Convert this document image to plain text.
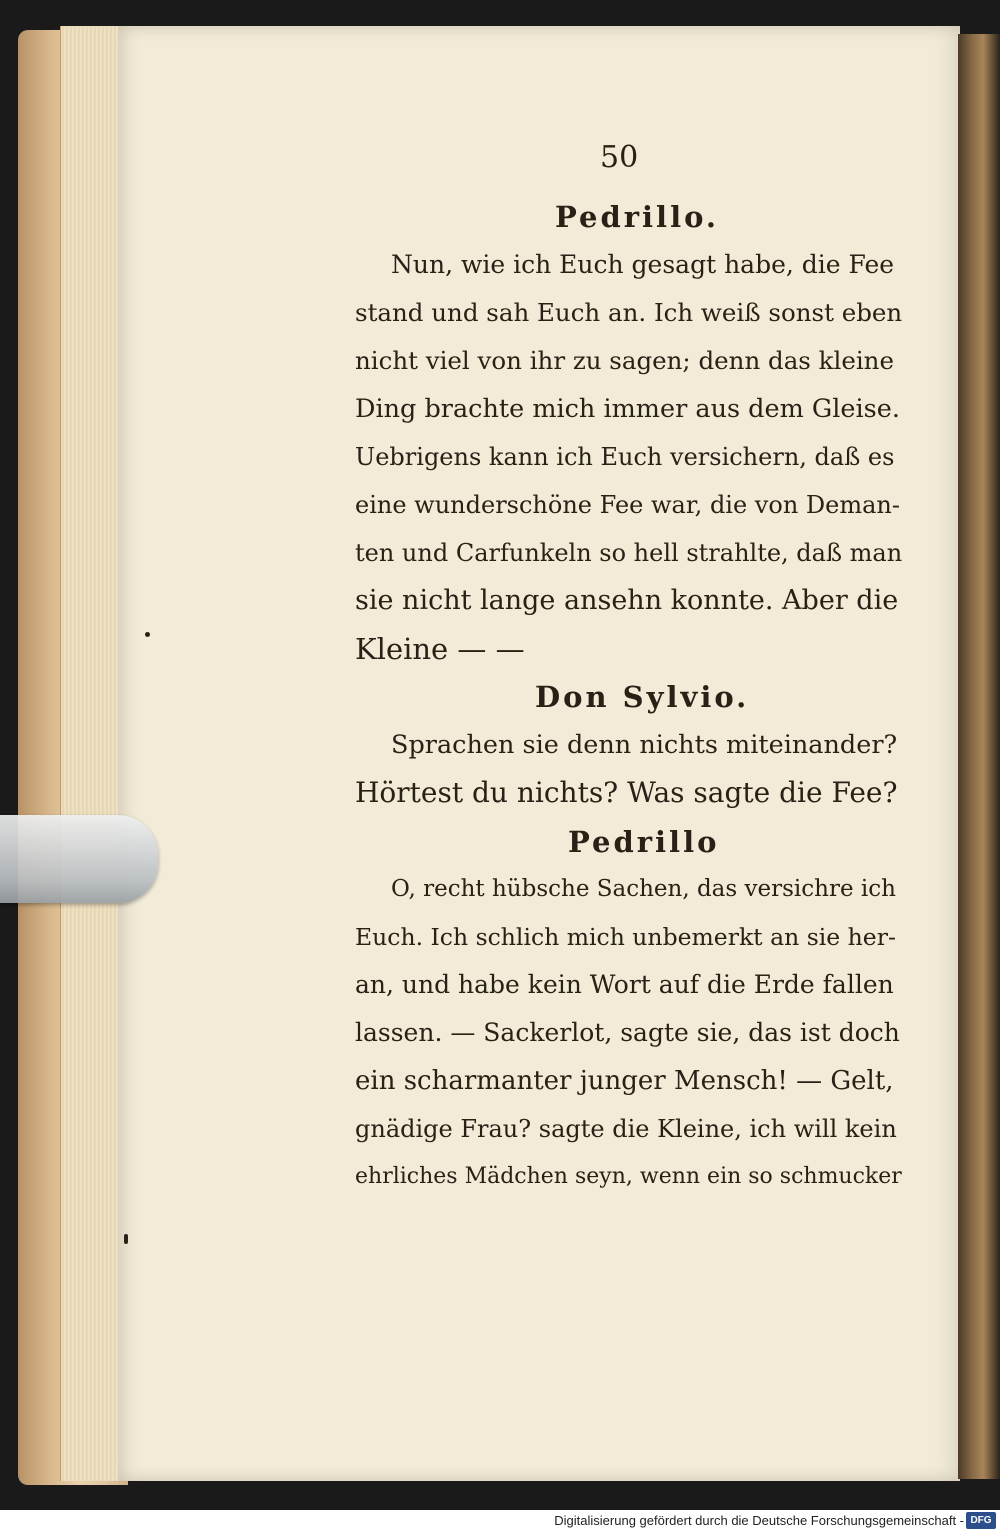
50
Pedrillo.
Nun, wie ich Euch gesagt habe, die Fee
stand und sah Euch an. Ich weiß sonst eben
nicht viel von ihr zu sagen; denn das kleine
Ding brachte mich immer aus dem Gleise.
Uebrigens kann ich Euch versichern, daß es
eine wunderschöne Fee war, die von Deman-
ten und Carfunkeln so hell strahlte, daß man
sie nicht lange ansehn konnte. Aber die
Kleine — —
Don Sylvio.
Sprachen sie denn nichts miteinander?
Hörtest du nichts? Was sagte die Fee?
Pedrillo
O, recht hübsche Sachen, das versichre ich
Euch. Ich schlich mich unbemerkt an sie her-
an, und habe kein Wort auf die Erde fallen
lassen. — Sackerlot, sagte sie, das ist doch
ein scharmanter junger Mensch! — Gelt,
gnädige Frau? sagte die Kleine, ich will kein
ehrliches Mädchen seyn, wenn ein so schmucker
Digitalisierung gefördert durch die Deutsche Forschungsgemeinschaft - DFG
